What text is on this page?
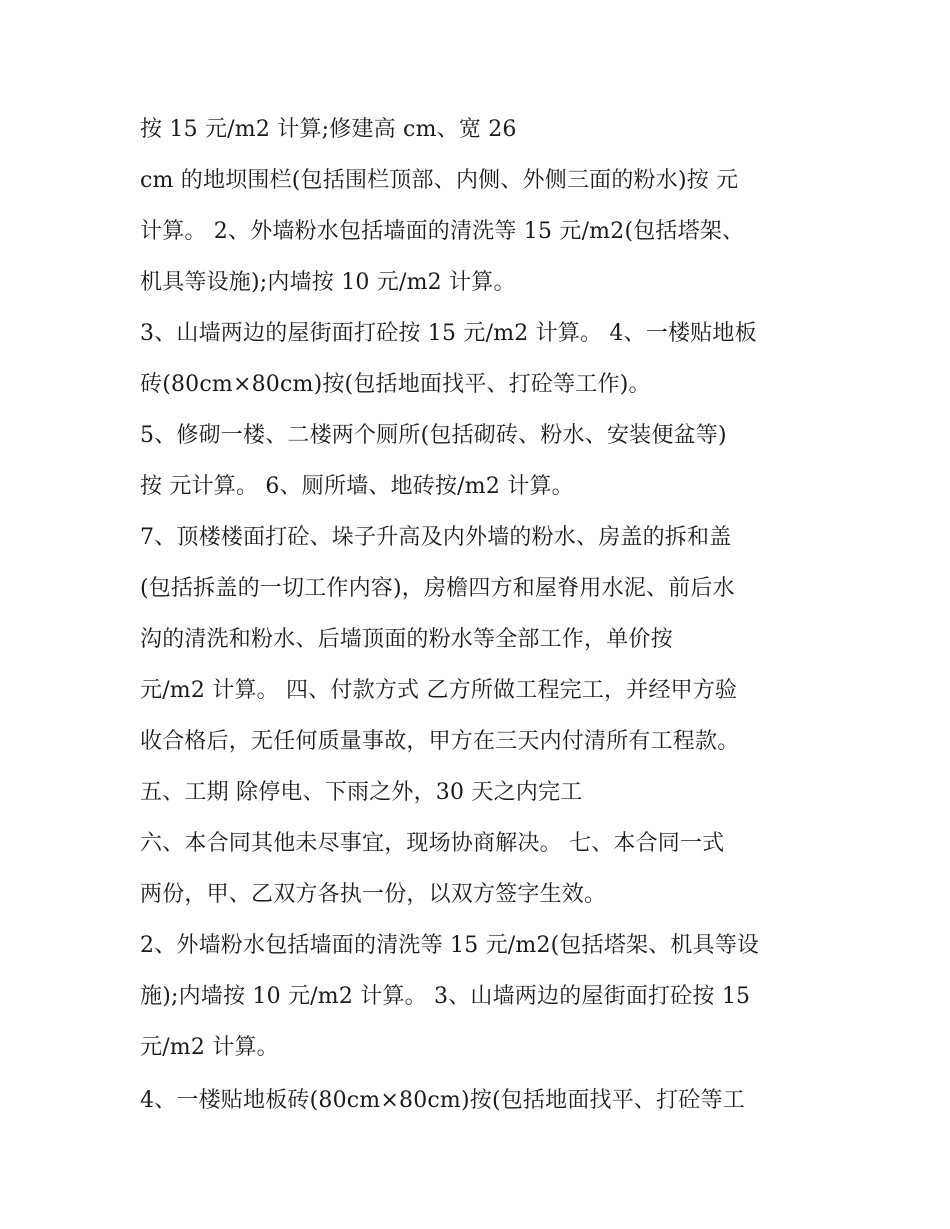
按 15 元/m2 计算;修建高 cm、宽 26
cm 的地坝围栏(包括围栏顶部、内侧、外侧三面的粉水)按 元
计算。 2、外墙粉水包括墙面的清洗等 15 元/m2(包括塔架、
机具等设施);内墙按 10 元/m2 计算。
3、山墙两边的屋街面打砼按 15 元/m2 计算。 4、一楼贴地板
砖(80cm×80cm)按(包括地面找平、打砼等工作)。
5、修砌一楼、二楼两个厕所(包括砌砖、粉水、安装便盆等)
按 元计算。 6、厕所墙、地砖按/m2 计算。
7、顶楼楼面打砼、垛子升高及内外墙的粉水、房盖的拆和盖
(包括拆盖的一切工作内容)，房檐四方和屋脊用水泥、前后水
沟的清洗和粉水、后墙顶面的粉水等全部工作，单价按
元/m2 计算。 四、付款方式 乙方所做工程完工，并经甲方验
收合格后，无任何质量事故，甲方在三天内付清所有工程款。
五、工期 除停电、下雨之外，30 天之内完工
六、本合同其他未尽事宜，现场协商解决。 七、本合同一式
两份，甲、乙双方各执一份，以双方签字生效。
2、外墙粉水包括墙面的清洗等 15 元/m2(包括塔架、机具等设
施);内墙按 10 元/m2 计算。 3、山墙两边的屋街面打砼按 15
元/m2 计算。
4、一楼贴地板砖(80cm×80cm)按(包括地面找平、打砼等工
